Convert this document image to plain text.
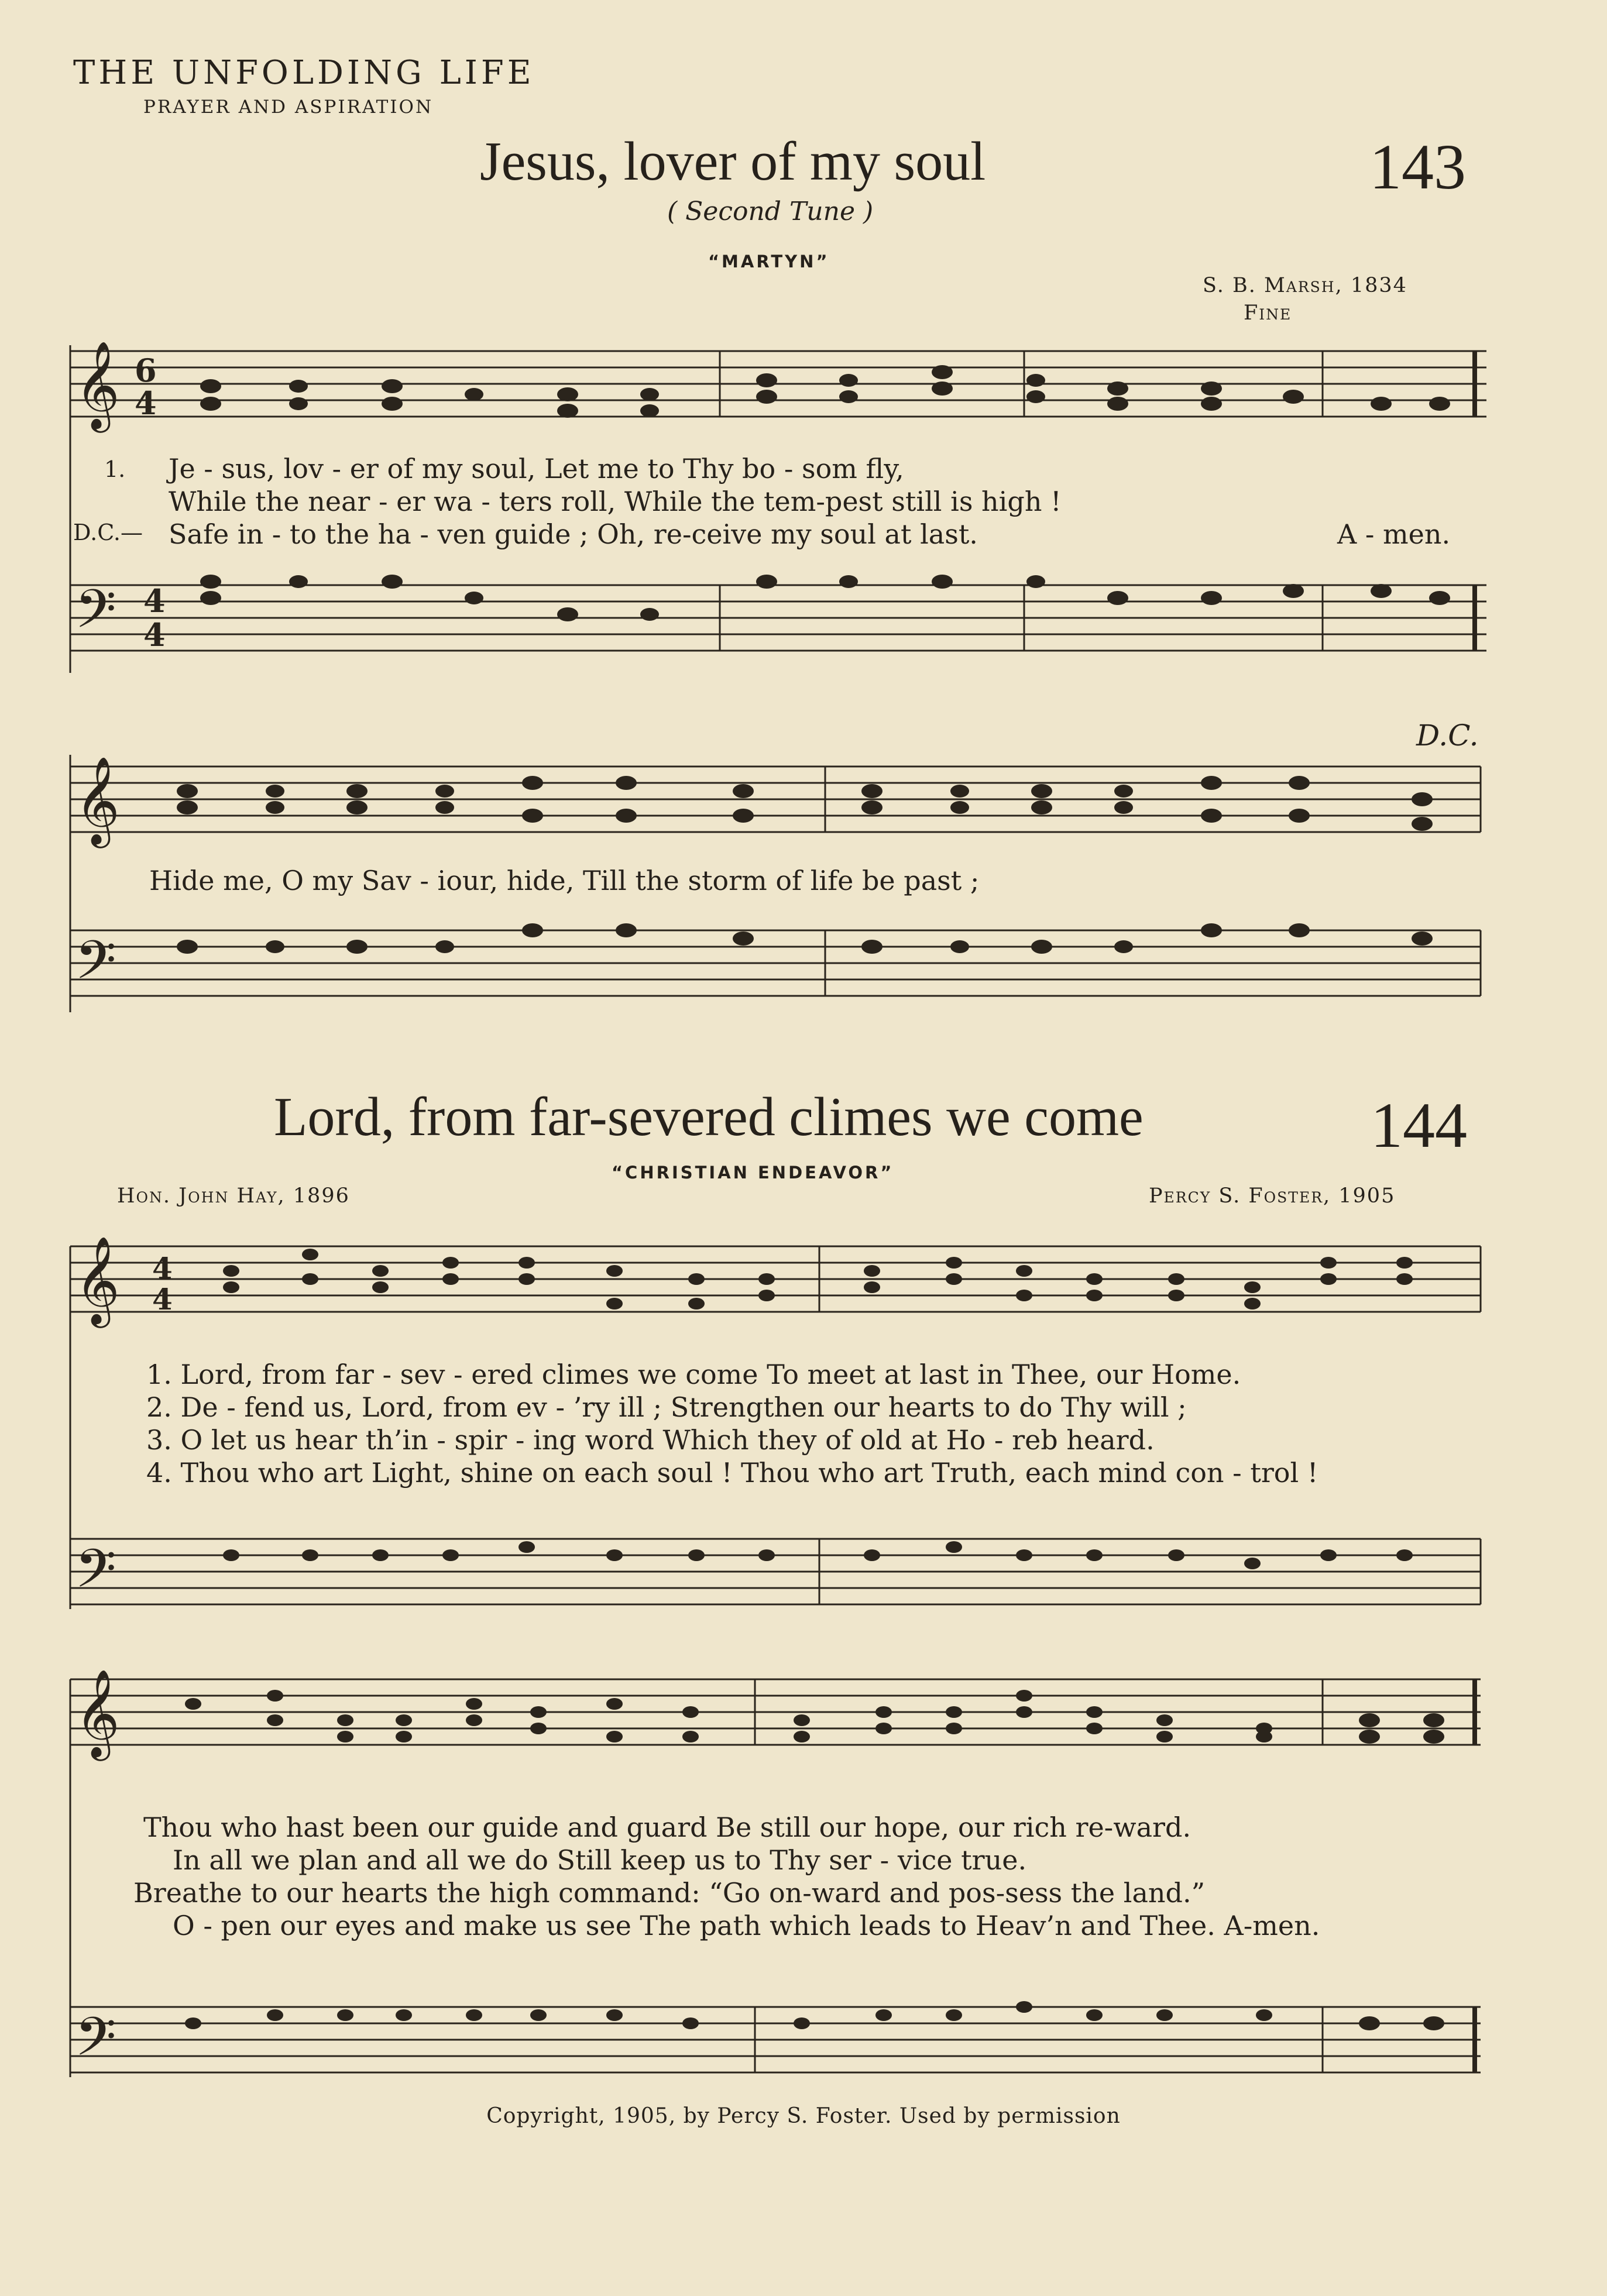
THE UNFOLDING LIFE
PRAYER AND ASPIRATION
Jesus, lover of my soul	143
( Second Tune )
“MARTYN”
S. B. Marsh, 1834
Fine
𝄞
𝄢
6
4
4
4
1. Je - sus, lov - er of my soul, Let me to Thy bo - som fly,
While the near - er wa - ters roll, While the tem-pest still is high !
D.C.— Safe in - to the ha - ven guide ; Oh, re-ceive my soul at last.	A - men.
D.C.
𝄞
𝄢
Hide me, O my Sav - iour, hide, Till the storm of life be past ;
Lord, from far-severed climes we come	144
“CHRISTIAN ENDEAVOR”
Hon. John Hay, 1896	Percy S. Foster, 1905
𝄞
𝄢
4
4
1. Lord, from far - sev - ered climes we come To meet at last in Thee, our Home.
2. De - fend us, Lord, from ev - ’ry ill ; Strengthen our hearts to do Thy will ;
3. O let us hear th’in - spir - ing word Which they of old at Ho - reb heard.
4. Thou who art Light, shine on each soul ! Thou who art Truth, each mind con - trol !
𝄞
𝄢
Thou who hast been our guide and guard Be still our hope, our rich re-ward.
In all we plan and all we do Still keep us to Thy ser - vice true.
Breathe to our hearts the high command: “Go on-ward and pos-sess the land.”
O - pen our eyes and make us see The path which leads to Heav’n and Thee. A-men.
Copyright, 1905, by Percy S. Foster. Used by permission
